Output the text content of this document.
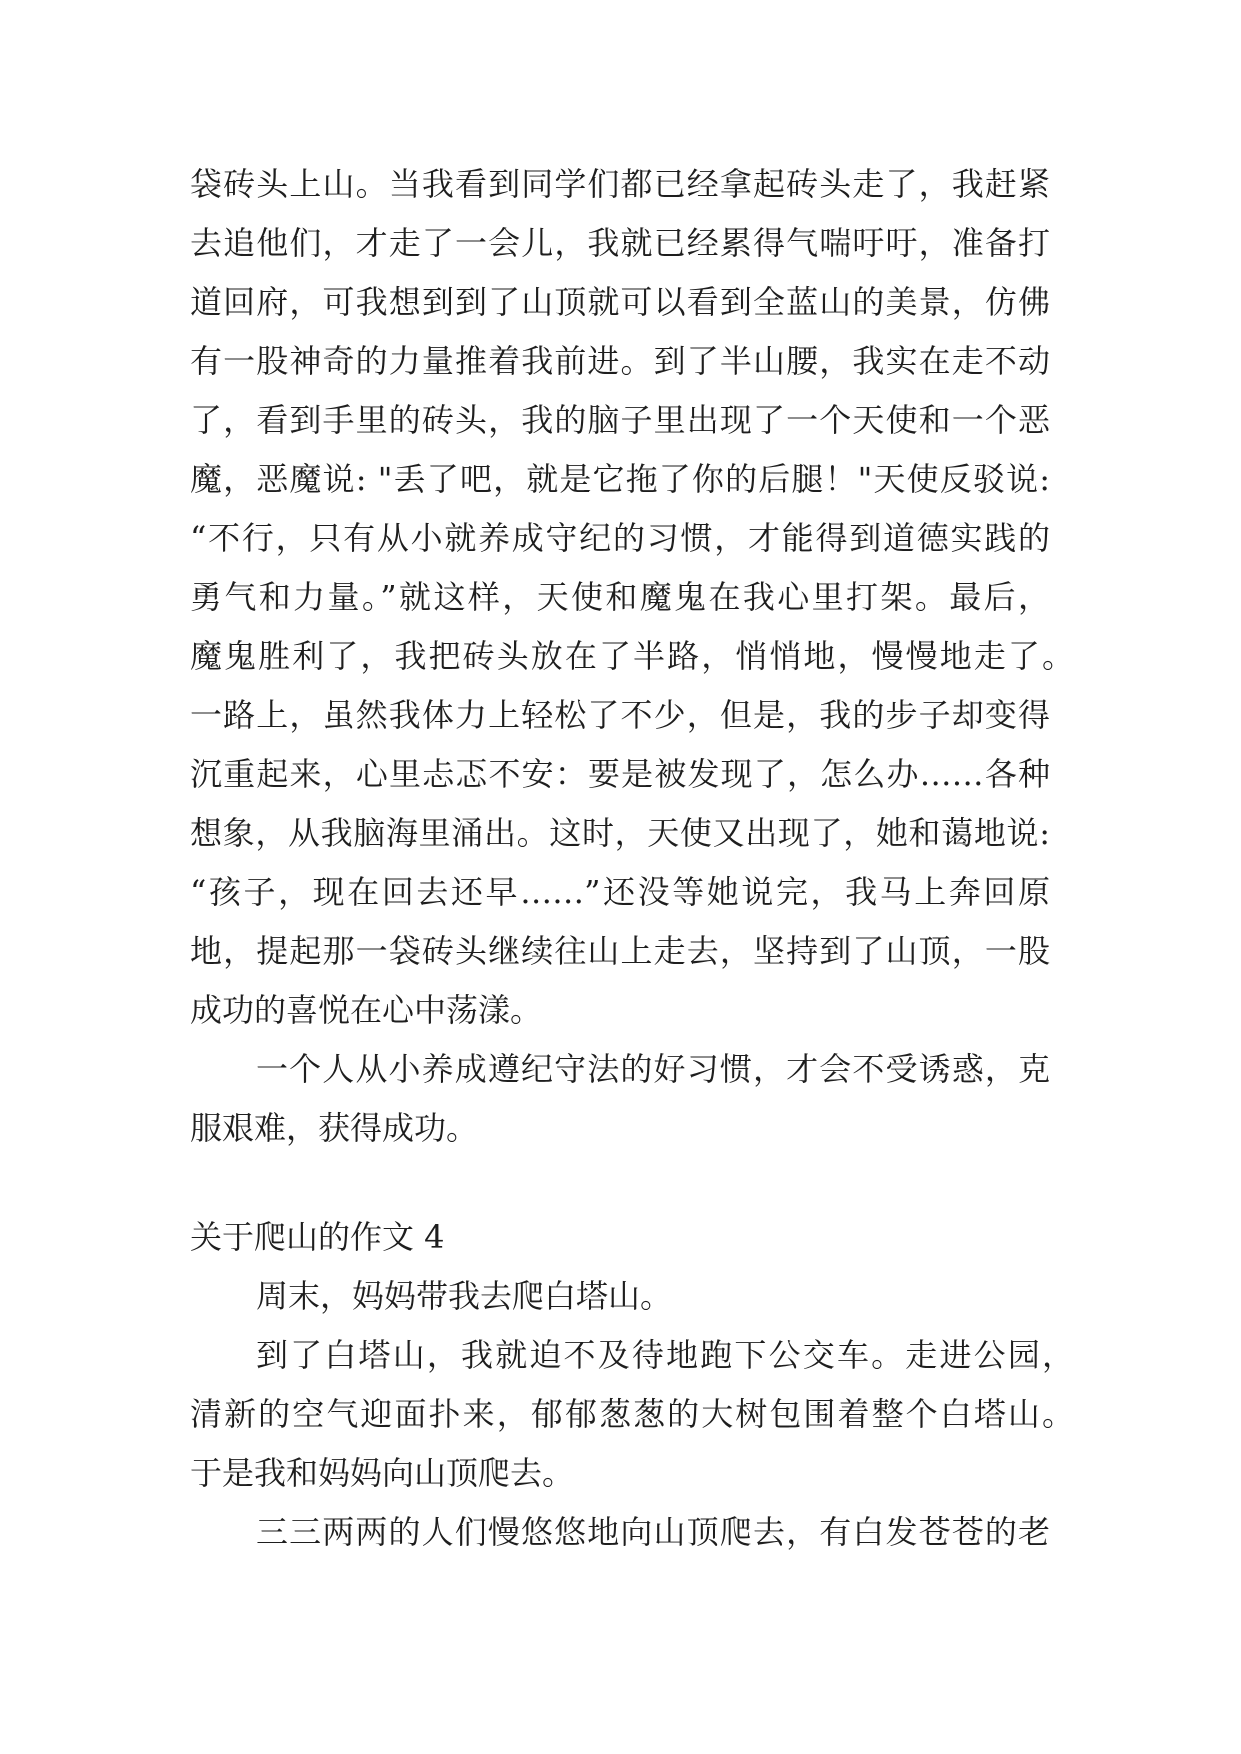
袋砖头上山。当我看到同学们都已经拿起砖头走了，我赶紧
去追他们，才走了一会儿，我就已经累得气喘吁吁，准备打
道回府，可我想到到了山顶就可以看到全蓝山的美景，仿佛
有一股神奇的力量推着我前进。到了半山腰，我实在走不动
了，看到手里的砖头，我的脑子里出现了一个天使和一个恶
魔，恶魔说: "丢了吧，就是它拖了你的后腿！"天使反驳说:
“不行，只有从小就养成守纪的习惯，才能得到道德实践的
勇气和力量。”就这样，天使和魔鬼在我心里打架。最后，
魔鬼胜利了，我把砖头放在了半路，悄悄地，慢慢地走了。
一路上，虽然我体力上轻松了不少，但是，我的步子却变得
沉重起来，心里忐忑不安：要是被发现了，怎么办……各种
想象，从我脑海里涌出。这时，天使又出现了，她和蔼地说:
“孩子，现在回去还早……”还没等她说完，我马上奔回原
地，提起那一袋砖头继续往山上走去，坚持到了山顶，一股
成功的喜悦在心中荡漾。
一个人从小养成遵纪守法的好习惯，才会不受诱惑，克
服艰难，获得成功。
关于爬山的作文 4
周末，妈妈带我去爬白塔山。
到了白塔山，我就迫不及待地跑下公交车。走进公园，
清新的空气迎面扑来，郁郁葱葱的大树包围着整个白塔山。
于是我和妈妈向山顶爬去。
三三两两的人们慢悠悠地向山顶爬去，有白发苍苍的老
